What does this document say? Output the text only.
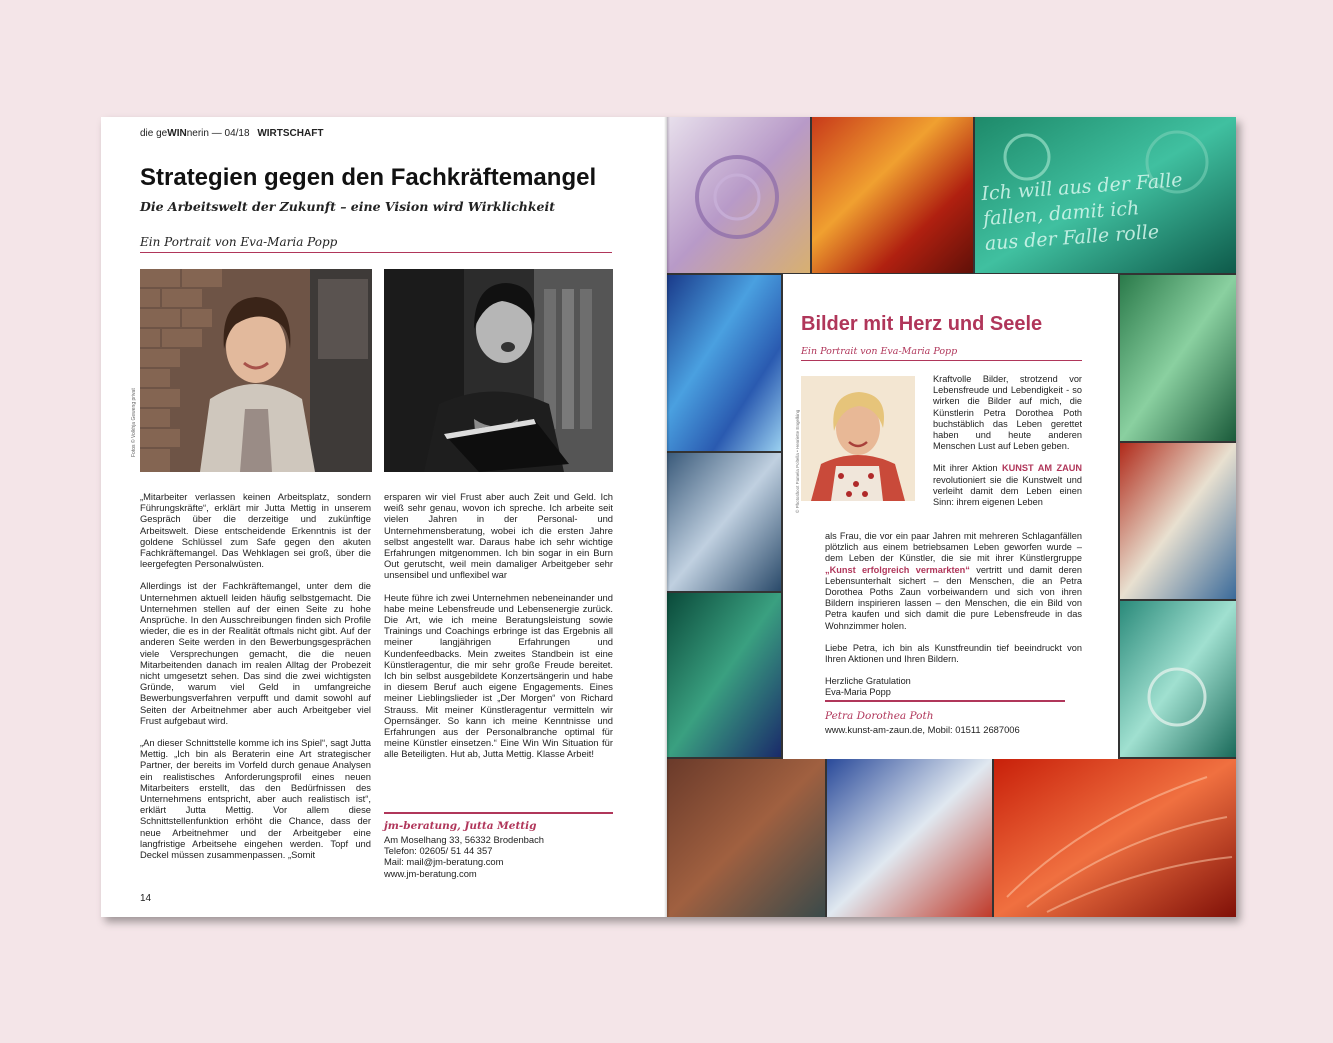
die geWINnerin — 04/18 WIRTSCHAFT
Strategien gegen den Fachkräftemangel
Die Arbeitswelt der Zukunft – eine Vision wird Wirklichkeit
Ein Portrait von Eva-Maria Popp
Fotos © Volkhja Geweng privat

„Mitarbeiter verlassen keinen Arbeitsplatz, sondern Führungskräfte“, erklärt mir Jutta Mettig in unserem Gespräch über die derzeitige und zukünftige Arbeitswelt. Diese entscheidende Erkenntnis ist der goldene Schlüssel zum Safe gegen den akuten Fachkräftemangel. Das Wehklagen sei groß, über die leergefegten Personalwüsten.

Allerdings ist der Fachkräftemangel, unter dem die Unternehmen aktuell leiden häufig selbstgemacht. Die Unternehmen stellen auf der einen Seite zu hohe Ansprüche. In den Ausschreibungen finden sich Profile wieder, die es in der Realität oftmals nicht gibt. Auf der anderen Seite werden in den Bewerbungsgesprächen viele Versprechungen gemacht, die die neuen Mitarbeitenden danach im realen Alltag der Probezeit nicht umgesetzt sehen. Das sind die zwei wichtigsten Gründe, warum viel Geld in umfangreiche Bewerbungsverfahren verpufft und damit sowohl auf Seiten der Arbeitnehmer aber auch Arbeitgeber viel Frust aufgebaut wird.

„An dieser Schnittstelle komme ich ins Spiel“, sagt Jutta Mettig. „Ich bin als Beraterin eine Art strategischer Partner, der bereits im Vorfeld durch genaue Analysen ein realistisches Anforderungsprofil eines neuen Mitarbeiters erstellt, das den Bedürfnissen des Unternehmens entspricht, aber auch realistisch ist“, erklärt Jutta Mettig. Vor allem diese Schnittstellenfunktion erhöht die Chance, dass der neue Arbeitnehmer und der Arbeitgeber eine langfristige Arbeitsehe eingehen werden. Topf und Deckel müssen zusammenpassen. „Somit

ersparen wir viel Frust aber auch Zeit und Geld. Ich weiß sehr genau, wovon ich spreche. Ich arbeite seit vielen Jahren in der Personal- und Unternehmensberatung, wobei ich die ersten Jahre selbst angestellt war. Daraus habe ich sehr wichtige Erfahrungen mitgenommen. Ich bin sogar in ein Burn Out gerutscht, weil mein damaliger Arbeitgeber sehr unsensibel und unflexibel war

Heute führe ich zwei Unternehmen nebeneinander und habe meine Lebensfreude und Lebensenergie zurück. Die Art, wie ich meine Beratungsleistung sowie Trainings und Coachings erbringe ist das Ergebnis all meiner langjährigen Erfahrungen und Kundenfeedbacks. Mein zweites Standbein ist eine Künstleragentur, die mir sehr große Freude bereitet. Ich bin selbst ausgebildete Konzertsängerin und habe in diesem Beruf auch eigene Engagements. Eines meiner Lieblingslieder ist „Der Morgen“ von Richard Strauss. Mit meiner Künstleragentur vermitteln wir Opernsänger. So kann ich meine Kenntnisse und Erfahrungen aus der Personalbranche optimal für meine Künstler einsetzen.“ Eine Win Win Situation für alle Beteiligten. Hut ab, Jutta Mettig. Klasse Arbeit!

jm-beratung, Jutta Mettig
Am Moselhang 33, 56332 Brodenbach
Telefon: 02605/ 51 44 357
Mail: mail@jm-beratung.com
www.jm-beratung.com
14
Ich will aus der Falle
fallen, damit ich
aus der Falle rolle
Bilder mit Herz und Seele
Ein Portrait von Eva-Maria Popp
© Photoshoot Pamela Poltella • Henriette Engelking

Kraftvolle Bilder, strotzend vor Lebensfreude und Lebendigkeit - so wirken die Bilder auf mich, die Künstlerin Petra Dorothea Poth buchstäblich das Leben gerettet haben und heute anderen Menschen Lust auf Leben geben.

Mit ihrer Aktion KUNST AM ZAUN revolutioniert sie die Kunstwelt und verleiht damit dem Leben einen Sinn: ihrem eigenen Leben

als Frau, die vor ein paar Jahren mit mehreren Schlaganfällen plötzlich aus einem betriebsamen Leben geworfen wurde – dem Leben der Künstler, die sie mit ihrer Künstlergruppe „Kunst erfolgreich vermarkten“ vertritt und damit deren Lebensunterhalt sichert – den Menschen, die an Petra Dorothea Poths Zaun vorbeiwandern und sich von ihren Bildern inspirieren lassen – den Menschen, die ein Bild von Petra kaufen und sich damit die pure Lebensfreude in das Wohnzimmer holen.

Liebe Petra, ich bin als Kunstfreundin tief beeindruckt von Ihren Aktionen und Ihren Bildern.

Herzliche Gratulation
Eva-Maria Popp
Petra Dorothea Poth
www.kunst-am-zaun.de, Mobil: 01511 2687006
